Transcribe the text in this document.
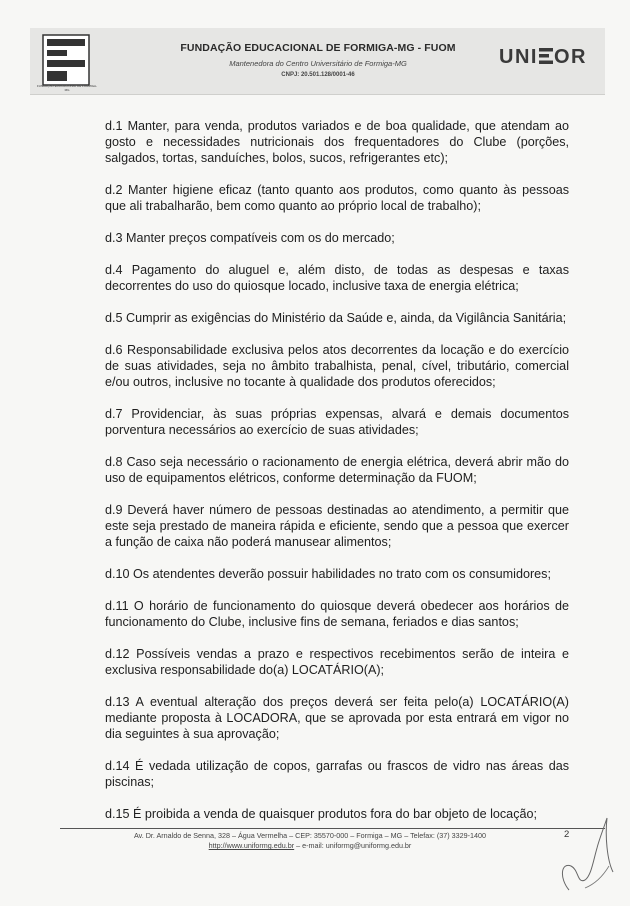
FUNDAÇÃO EDUCACIONAL DE FORMIGA-MG
FUNDAÇÃO EDUCACIONAL DE FORMIGA-MG - FUOM
Mantenedora do Centro Universitário de Formiga-MG
CNPJ: 20.501.128/0001-46
UNI OR

d.1 Manter, para venda, produtos variados e de boa qualidade, que atendam ao gosto e necessidades nutricionais dos frequentadores do Clube (porções, salgados, tortas, sanduíches, bolos, sucos, refrigerantes etc);

d.2 Manter higiene eficaz (tanto quanto aos produtos, como quanto às pessoas que ali trabalharão, bem como quanto ao próprio local de trabalho);

d.3 Manter preços compatíveis com os do mercado;

d.4 Pagamento do aluguel e, além disto, de todas as despesas e taxas decorrentes do uso do quiosque locado, inclusive taxa de energia elétrica;

d.5 Cumprir as exigências do Ministério da Saúde e, ainda, da Vigilância Sanitária;

d.6 Responsabilidade exclusiva pelos atos decorrentes da locação e do exercício de suas atividades, seja no âmbito trabalhista, penal, cível, tributário, comercial e/ou outros, inclusive no tocante à qualidade dos produtos oferecidos;

d.7 Providenciar, às suas próprias expensas, alvará e demais documentos porventura necessários ao exercício de suas atividades;

d.8 Caso seja necessário o racionamento de energia elétrica, deverá abrir mão do uso de equipamentos elétricos, conforme determinação da FUOM;

d.9 Deverá haver número de pessoas destinadas ao atendimento, a permitir que este seja prestado de maneira rápida e eficiente, sendo que a pessoa que exercer a função de caixa não poderá manusear alimentos;

d.10 Os atendentes deverão possuir habilidades no trato com os consumidores;

d.11 O horário de funcionamento do quiosque deverá obedecer aos horários de funcionamento do Clube, inclusive fins de semana, feriados e dias santos;

d.12 Possíveis vendas a prazo e respectivos recebimentos serão de inteira e exclusiva responsabilidade do(a) LOCATÁRIO(A);

d.13 A eventual alteração dos preços deverá ser feita pelo(a) LOCATÁRIO(A) mediante proposta à LOCADORA, que se aprovada por esta entrará em vigor no dia seguintes à sua aprovação;

d.14 É vedada utilização de copos, garrafas ou frascos de vidro nas áreas das piscinas;

d.15 É proibida a venda de quaisquer produtos fora do bar objeto de locação;

Av. Dr. Arnaldo de Senna, 328 – Água Vermelha – CEP: 35570-000 – Formiga – MG – Telefax: (37) 3329-1400
http://www.uniformg.edu.br – e-mail: uniformg@uniformg.edu.br
2
